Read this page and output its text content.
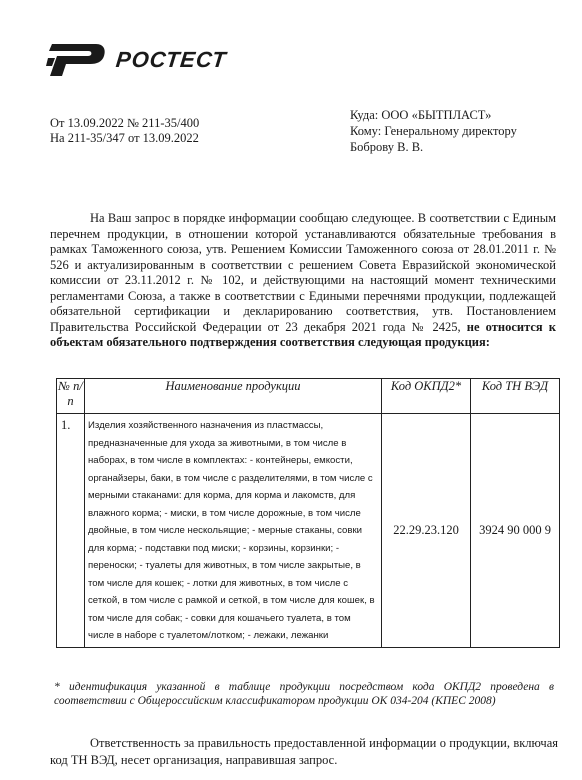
РОСТЕСТ
От 13.09.2022 № 211-35/400
На 211-35/347 от 13.09.2022
Куда: ООО «БЫТПЛАСТ»
Кому: Генеральному директору
Боброву В. В.
На Ваш запрос в порядке информации сообщаю следующее. В соответствии с Единым перечнем продукции, в отношении которой устанавливаются обязательные требования в рамках Таможенного союза, утв. Решением Комиссии Таможенного союза от 28.01.2011 г. № 526 и актуализированным в соответствии с решением Совета Евразийской экономической комиссии от 23.11.2012 г. № 102, и действующими на настоящий момент техническими регламентами Союза, а также в соответствии с Едиными перечнями продукции, подлежащей обязательной сертификации и декларированию соответствия, утв. Постановлением Правительства Российской Федерации от 23 декабря 2021 года № 2425, не относится к объектам обязательного подтверждения соответствия следующая продукция:
№ п/п	Наименование продукции	Код ОКПД2*	Код ТН ВЭД
1.	Изделия хозяйственного назначения из пластмассы, предназначенные для ухода за животными, в том числе в наборах, в том числе в комплектах: - контейнеры, емкости, органайзеры, баки, в том числе с разделителями, в том числе с мерными стаканами: для корма, для корма и лакомств, для влажного корма; - миски, в том числе дорожные, в том числе двойные, в том числе нескольящие; - мерные стаканы, совки для корма; - подставки под миски; - корзины, корзинки; - переноски; - туалеты для животных, в том числе закрытые, в том числе для кошек; - лотки для животных, в том числе с сеткой, в том числе с рамкой и сеткой, в том числе для кошек, в том числе для собак; - совки для кошачьего туалета, в том числе в наборе с туалетом/лотком; - лежаки, лежанки	22.29.23.120	3924 90 000 9
* идентификация указанной в таблице продукции посредством кода ОКПД2 проведена в соответствии с Общероссийским классификатором продукции ОК 034-204 (КПЕС 2008)
Ответственность за правильность предоставленной информации о продукции, включая код ТН ВЭД, несет организация, направившая запрос.
